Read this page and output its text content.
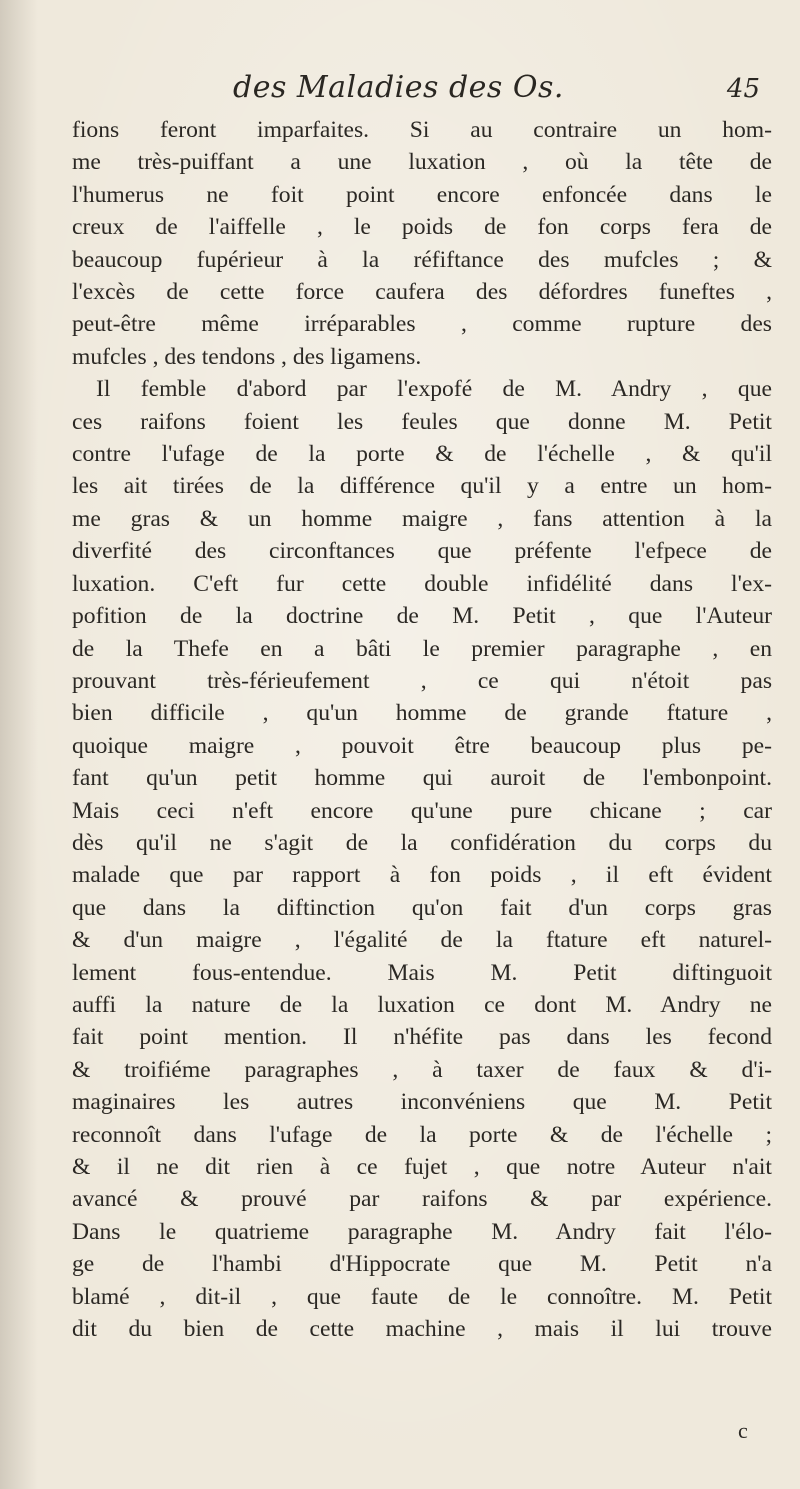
des Maladies des Os.	45
fions feront imparfaites. Si au contraire un hom-
me très-puiffant a une luxation , où la tête de
l'humerus ne foit point encore enfoncée dans le
creux de l'aiffelle , le poids de fon corps fera de
beaucoup fupérieur à la réfiftance des mufcles ; &
l'excès de cette force caufera des défordres funeftes ,
peut-être même irréparables , comme rupture des
mufcles , des tendons , des ligamens.
Il femble d'abord par l'expofé de M. Andry , que
ces raifons foient les feules que donne M. Petit
contre l'ufage de la porte & de l'échelle , & qu'il
les ait tirées de la différence qu'il y a entre un hom-
me gras & un homme maigre , fans attention à la
diverfité des circonftances que préfente l'efpece de
luxation. C'eft fur cette double infidélité dans l'ex-
pofition de la doctrine de M. Petit , que l'Auteur
de la Thefe en a bâti le premier paragraphe , en
prouvant très-férieufement , ce qui n'étoit pas
bien difficile , qu'un homme de grande ftature ,
quoique maigre , pouvoit être beaucoup plus pe-
fant qu'un petit homme qui auroit de l'embonpoint.
Mais ceci n'eft encore qu'une pure chicane ; car
dès qu'il ne s'agit de la confidération du corps du
malade que par rapport à fon poids , il eft évident
que dans la diftinction qu'on fait d'un corps gras
& d'un maigre , l'égalité de la ftature eft naturel-
lement fous-entendue. Mais M. Petit diftinguoit
auffi la nature de la luxation ce dont M. Andry ne
fait point mention. Il n'héfite pas dans les fecond
& troifiéme paragraphes , à taxer de faux & d'i-
maginaires les autres inconvéniens que M. Petit
reconnoît dans l'ufage de la porte & de l'échelle ;
& il ne dit rien à ce fujet , que notre Auteur n'ait
avancé & prouvé par raifons & par expérience.
Dans le quatrieme paragraphe M. Andry fait l'élo-
ge de l'hambi d'Hippocrate que M. Petit n'a
blamé , dit-il , que faute de le connoître. M. Petit
dit du bien de cette machine , mais il lui trouve
c
